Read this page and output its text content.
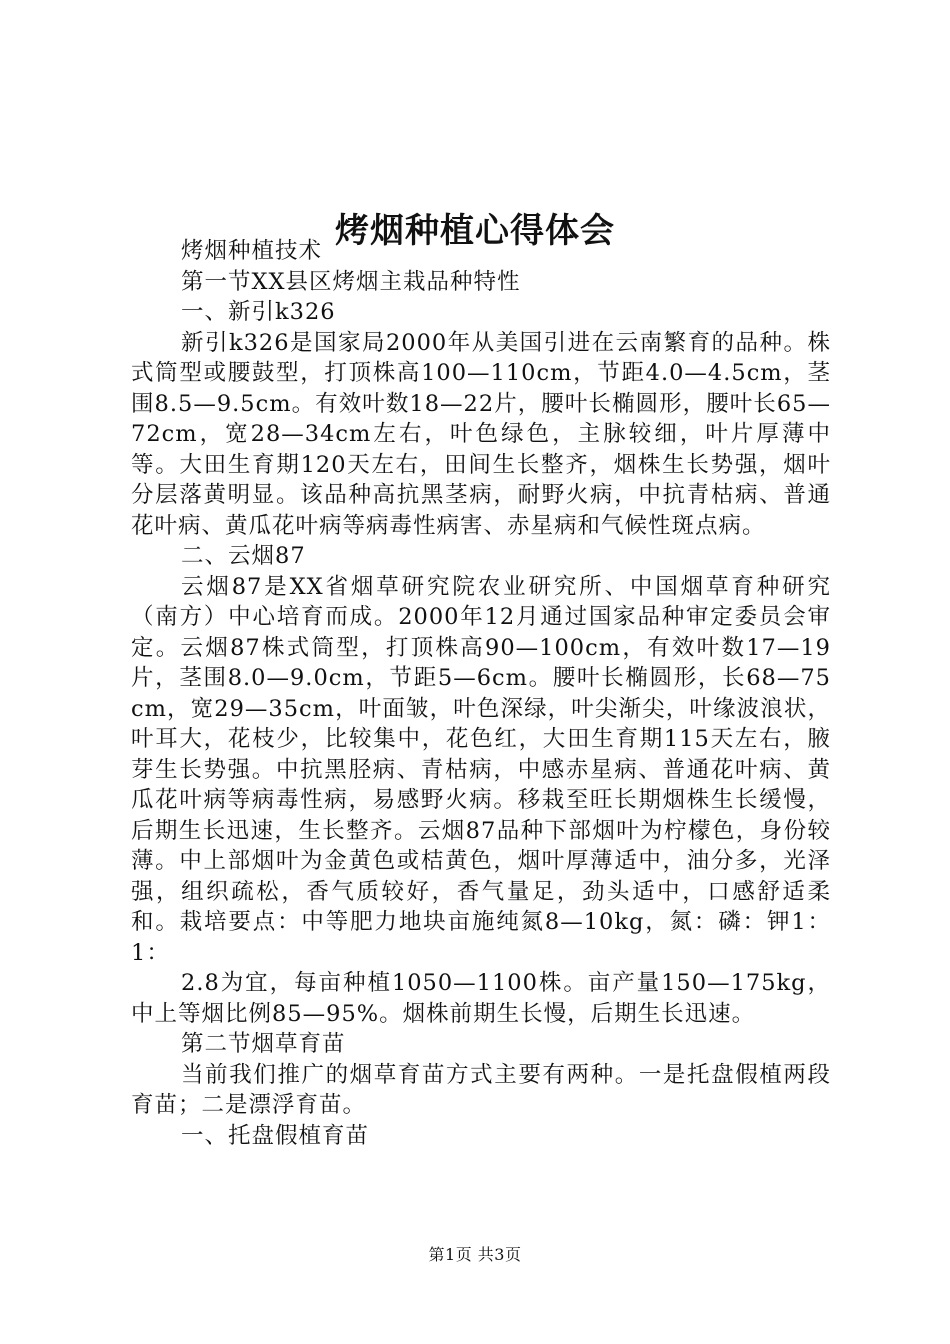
烤烟种植心得体会

烤烟种植技术

第一节XX县区烤烟主栽品种特性

一、新引k326

新引k326是国家局2000年从美国引进在云南繁育的品种。株式筒型或腰鼓型，打顶株高100—110cm，节距4.0—4.5cm，茎围8.5—9.5cm。有效叶数18—22片，腰叶长椭圆形，腰叶长65—72cm，宽28—34cm左右，叶色绿色，主脉较细，叶片厚薄中等。大田生育期120天左右，田间生长整齐，烟株生长势强，烟叶分层落黄明显。该品种高抗黑茎病，耐野火病，中抗青枯病、普通花叶病、黄瓜花叶病等病毒性病害、赤星病和气候性斑点病。

二、云烟87

云烟87是XX省烟草研究院农业研究所、中国烟草育种研究（南方）中心培育而成。2000年12月通过国家品种审定委员会审定。云烟87株式筒型，打顶株高90—100cm，有效叶数17—19片，茎围8.0—9.0cm，节距5—6cm。腰叶长椭圆形，长68—75cm，宽29—35cm，叶面皱，叶色深绿，叶尖渐尖，叶缘波浪状，叶耳大，花枝少，比较集中，花色红，大田生育期115天左右，腋芽生长势强。中抗黑胫病、青枯病，中感赤星病、普通花叶病、黄瓜花叶病等病毒性病，易感野火病。移栽至旺长期烟株生长缓慢，后期生长迅速，生长整齐。云烟87品种下部烟叶为柠檬色，身份较薄。中上部烟叶为金黄色或桔黄色，烟叶厚薄适中，油分多，光泽强，组织疏松，香气质较好，香气量足，劲头适中，口感舒适柔和。栽培要点：中等肥力地块亩施纯氮8—10kg，氮：磷：钾1：1：

2.8为宜，每亩种植1050—1100株。亩产量150—175kg，中上等烟比例85—95%。烟株前期生长慢，后期生长迅速。

第二节烟草育苗

当前我们推广的烟草育苗方式主要有两种。一是托盘假植两段育苗；二是漂浮育苗。

一、托盘假植育苗

第1页 共3页
